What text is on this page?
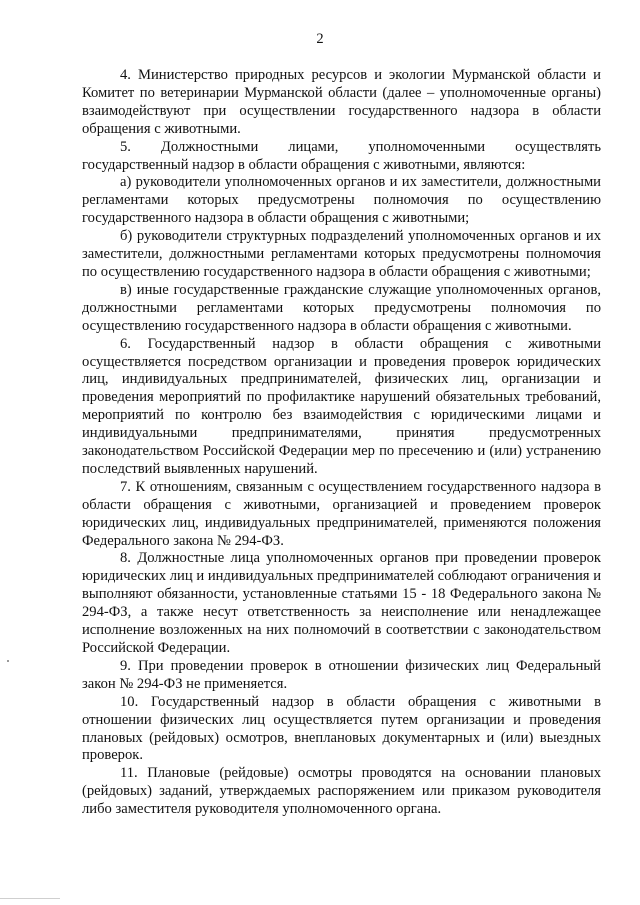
2

4. Министерство природных ресурсов и экологии Мурманской области и Комитет по ветеринарии Мурманской области (далее – уполномоченные органы) взаимодействуют при осуществлении государственного надзора в области обращения с животными.

5. Должностными лицами, уполномоченными осуществлять государственный надзор в области обращения с животными, являются:

а) руководители уполномоченных органов и их заместители, должностными регламентами которых предусмотрены полномочия по осуществлению государственного надзора в области обращения с животными;

б) руководители структурных подразделений уполномоченных органов и их заместители, должностными регламентами которых предусмотрены полномочия по осуществлению государственного надзора в области обращения с животными;

в) иные государственные гражданские служащие уполномоченных органов, должностными регламентами которых предусмотрены полномочия по осуществлению государственного надзора в области обращения с животными.

6. Государственный надзор в области обращения с животными осуществляется посредством организации и проведения проверок юридических лиц, индивидуальных предпринимателей, физических лиц, организации и проведения мероприятий по профилактике нарушений обязательных требований, мероприятий по контролю без взаимодействия с юридическими лицами и индивидуальными предпринимателями, принятия предусмотренных законодательством Российской Федерации мер по пресечению и (или) устранению последствий выявленных нарушений.

7. К отношениям, связанным с осуществлением государственного надзора в области обращения с животными, организацией и проведением проверок юридических лиц, индивидуальных предпринимателей, применяются положения Федерального закона № 294-ФЗ.

8. Должностные лица уполномоченных органов при проведении проверок юридических лиц и индивидуальных предпринимателей соблюдают ограничения и выполняют обязанности, установленные статьями 15 - 18 Федерального закона № 294-ФЗ, а также несут ответственность за неисполнение или ненадлежащее исполнение возложенных на них полномочий в соответствии с законодательством Российской Федерации.

9. При проведении проверок в отношении физических лиц Федеральный закон № 294-ФЗ не применяется.

10. Государственный надзор в области обращения с животными в отношении физических лиц осуществляется путем организации и проведения плановых (рейдовых) осмотров, внеплановых документарных и (или) выездных проверок.

11. Плановые (рейдовые) осмотры проводятся на основании плановых (рейдовых) заданий, утверждаемых распоряжением или приказом руководителя либо заместителя руководителя уполномоченного органа.
